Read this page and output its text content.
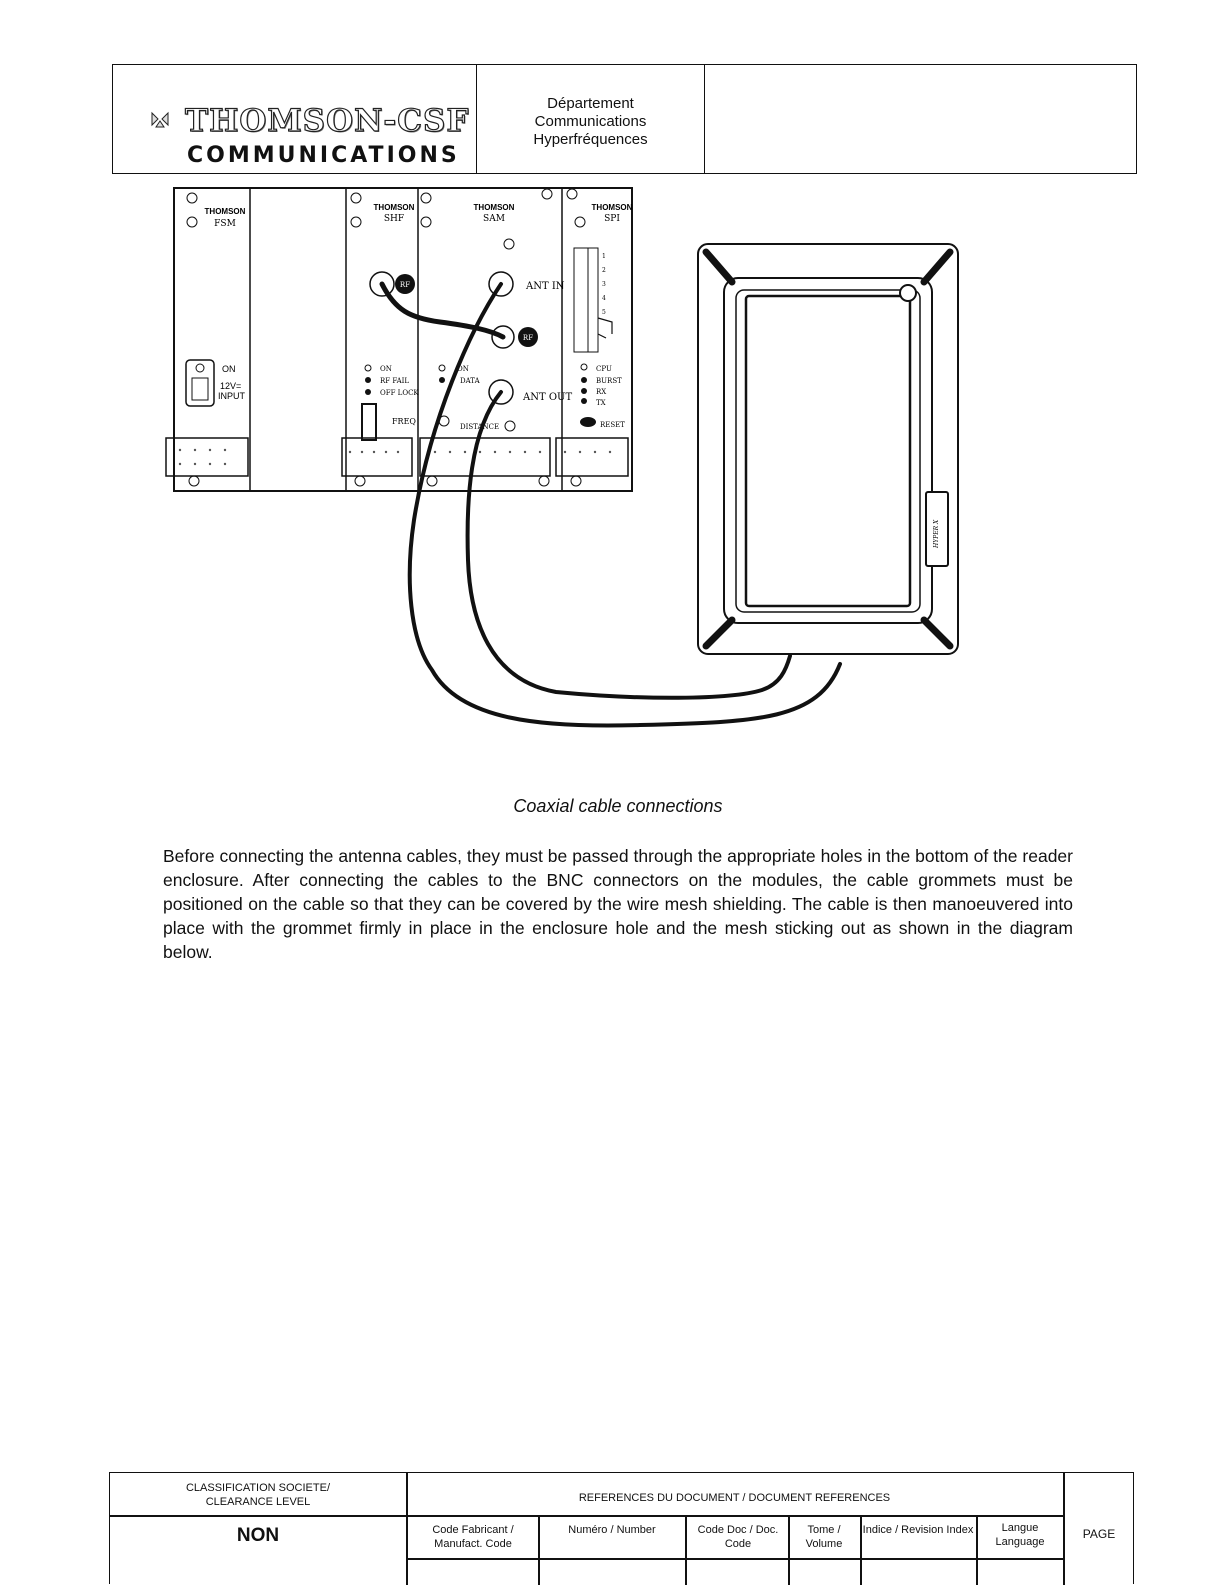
THOMSON-CSF
COMMUNICATIONS
Département
Communications
Hyperfréquences
THOMSON
FSM
ON
12V=
INPUT
THOMSON
SHF
RF
ON
RF FAIL
OFF LOCK
FREQ
THOMSON
SAM
ANT IN
RF
ON
DATA
ANT OUT
DISTANCE
THOMSON
SPI
1
2
3
4
5
CPU
BURST
RX
TX
RESET
HYPER X
Coaxial cable connections
Before connecting the antenna cables, they must be passed through the appropriate holes in the bottom of the reader enclosure. After connecting the cables to the BNC connectors on the modules, the cable grommets must be positioned on the cable so that they can be covered by the wire mesh shielding. The cable is then manoeuvered into place with the grommet firmly in place in the enclosure hole and the mesh sticking out as shown in the diagram below.
CLASSIFICATION SOCIETE/ CLEARANCE LEVEL
NON
REFERENCES DU DOCUMENT / DOCUMENT REFERENCES
Code Fabricant / Manufact. Code
Numéro / Number	Code Doc / Doc. Code
Tome / Volume
Indice / Revision Index	Langue Language
PAGE
